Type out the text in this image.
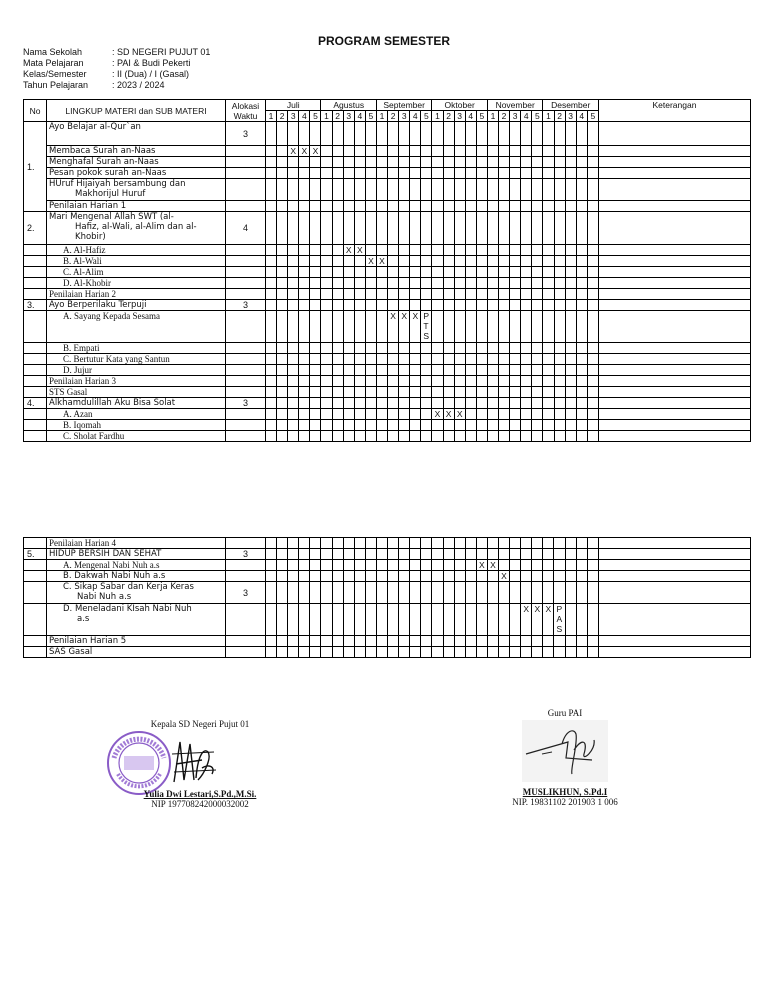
PROGRAM SEMESTER
Nama Sekolah	: SD NEGERI PUJUT 01
Mata Pelajaran	: PAI & Budi Pekerti
Kelas/Semester	: II (Dua) / I (Gasal)
Tahun Pelajaran	: 2023 / 2024
No	LINGKUP MATERI dan SUB MATERI	Alokasi Waktu	Juli					Agustus					September					Oktober					November					Desember					Keterangan
			1	2	3	4	5	1	2	3	4	5	1	2	3	4	5	1	2	3	4	5	1	2	3	4	5	1	2	3	4	5	
1.	Ayo Belajar al-Qur`an	3																															

	Membaca Surah an-Naas				X	X	X																										

	Menghafal Surah an-Naas																																

	Pesan pokok surah an-Naas																																

	HUruf Hijaiyah bersambung dan
Makhorijul Huruf																																

	Penilaian Harian 1																																

2.	Mari Mengenal Allah SWT (al-
Hafiz, al-Wali, al-Alim dan al-
Khobir)	4																															

	A. Al-Hafiz									X	X																						

	B. Al-Wali											X	X																				

	C. Al-Alim																																

	D. Al-Khobir																																

	Penilaian Harian 2																																

3.	Ayo Berperilaku Terpuji	3																															

	A. Sayang Kepada Sesama													X	X	X	P T S																

	B. Empati																																

	C. Bertutur Kata yang Santun																																

	D. Jujur																																

	Penilaian Harian 3																																

	STS Gasal																																

4.	Alkhamdulillah Aku Bisa Solat	3																															

	A. Azan																	X	X	X													

	B. Iqomah																																

	C. Sholat Fardhu																																

	Penilaian Harian 4																																

5.	HIDUP BERSIH DAN SEHAT	3																															

	A. Mengenal Nabi Nuh a.s																					X	X										

	B. Dakwah Nabi Nuh a.s																							X									

	C. Sikap Sabar dan Kerja Keras
Nabi Nuh a.s	3																															

	D. Meneladani KIsah Nabi Nuh
a.s																									X	X	X	P A S				

	Penilaian Harian 5																																

	SAS Gasal																																

Kepala SD Negeri Pujut 01
Yulia Dwi Lestari,S.Pd.,M.Si.
NIP 197708242000032002
Guru PAI
MUSLIKHUN, S.Pd.I
NIP. 19831102 201903 1 006
